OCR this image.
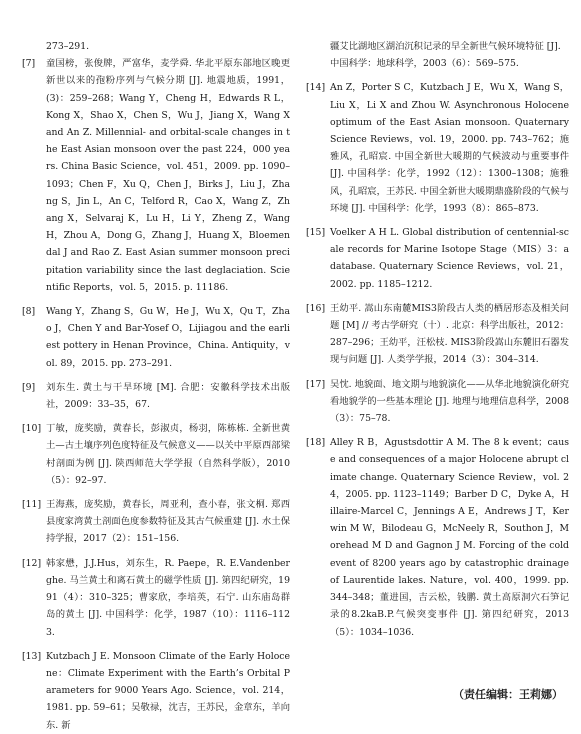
273–291.
[7] 童国榜，张俊牌，严富华，麦学舜. 华北平原东部地区晚更新世以来的孢粉序列与气候分期 [J]. 地震地质，1991，(3)：259–268；Wang Y，Cheng H，Edwards R L，Kong X，Shao X，Chen S，Wu J，Jiang X，Wang X and An Z. Millennial- and orbital-scale changes in the East Asian monsoon over the past 224，000 years. China Basic Science，vol. 451，2009. pp. 1090–1093；Chen F，Xu Q，Chen J，Birks J，Liu J，Zhang S，Jin L，An C，Telford R，Cao X，Wang Z，Zhang X，Selvaraj K，Lu H，Li Y，Zheng Z，Wang H，Zhou A，Dong G，Zhang J，Huang X，Bloemendal J and Rao Z. East Asian summer monsoon precipitation variability since the last deglaciation. Scientific Reports，vol. 5，2015. p. 11186.
[8] Wang Y，Zhang S，Gu W，He J，Wu X，Qu T，Zhao J，Chen Y and Bar-Yosef O，Lijiagou and the earliest pottery in Henan Province，China. Antiquity，vol. 89，2015. pp. 273–291.
[9] 刘东生. 黄土与干旱环境 [M]. 合肥：安徽科学技术出版社，2009：33–35，67.
[10] 丁敏，庞奖励，黄春长，彭淑贞，杨羽，陈栋栋. 全新世黄土—古土壤序列色度特征及气候意义——以关中平原西部梁村剖面为例 [J]. 陕西师范大学学报（自然科学版），2010（5）：92–97.
[11] 王海燕，庞奖励，黄春长，周亚利，查小春，张文桐. 郑西县度家湾黄土剖面色度参数特征及其古气候重建 [J]. 水土保持学报，2017（2）：151–156.
[12] 韩家懋，J.J.Hus，刘东生，R. Paepe，R. E.Vandenberghe. 马兰黄土和离石黄土的磁学性质 [J]. 第四纪研究，1991（4）：310–325；曹家欣，李培英，石宁. 山东庙岛群岛的黄土 [J]. 中国科学：化学，1987（10）：1116–1123.
[13] Kutzbach J E. Monsoon Climate of the Early Holocene：Climate Experiment with the Earth’s Orbital Parameters for 9000 Years Ago. Science，vol. 214，1981. pp. 59–61；吴敬禄，沈吉，王苏民，金章东，羊向东. 新
疆艾比湖地区湖泊沉积记录的早全新世气候环境特征 [J]. 中国科学：地球科学，2003（6）：569–575.
[14] An Z，Porter S C，Kutzbach J E，Wu X，Wang S，Liu X，Li X and Zhou W. Asynchronous Holocene optimum of the East Asian monsoon. Quaternary Science Reviews，vol. 19，2000. pp. 743–762；施雅风，孔昭宸. 中国全新世大暖期的气候波动与重要事件 [J]. 中国科学：化学，1992（12）：1300–1308；施雅风，孔昭宸，王苏民. 中国全新世大暖期鼎盛阶段的气候与环境 [J]. 中国科学：化学，1993（8）：865–873.
[15] Voelker A H L. Global distribution of centennial-scale records for Marine Isotope Stage（MIS）3：a database. Quaternary Science Reviews，vol. 21，2002. pp. 1185–1212.
[16] 王幼平. 嵩山东南麓MIS3阶段古人类的栖居形态及相关问题 [M] // 考古学研究（十）. 北京：科学出版社，2012：287–296；王幼平，汪松枝. MIS3阶段嵩山东麓旧石器发现与问题 [J]. 人类学学报，2014（3）：304–314.
[17] 吴忱. 地貌面、地文期与地貌演化——从华北地貌演化研究看地貌学的一些基本理论 [J]. 地理与地理信息科学，2008（3）：75–78.
[18] Alley R B，Agustsdottir A M. The 8 k event；cause and consequences of a major Holocene abrupt climate change. Quaternary Science Review，vol. 24，2005. pp. 1123–1149；Barber D C，Dyke A，Hillaire-Marcel C，Jennings A E，Andrews J T，Kerwin M W，Bilodeau G，McNeely R，Southon J，Morehead M D and Gagnon J M. Forcing of the cold event of 8200 years ago by catastrophic drainage of Laurentide lakes. Nature，vol. 400，1999. pp. 344–348；董进国，吉云松，钱鹏. 黄土高原洞穴石笋记录的8.2kaB.P.气候突变事件 [J]. 第四纪研究，2013（5）：1034–1036.
（责任编辑：王莉娜）
